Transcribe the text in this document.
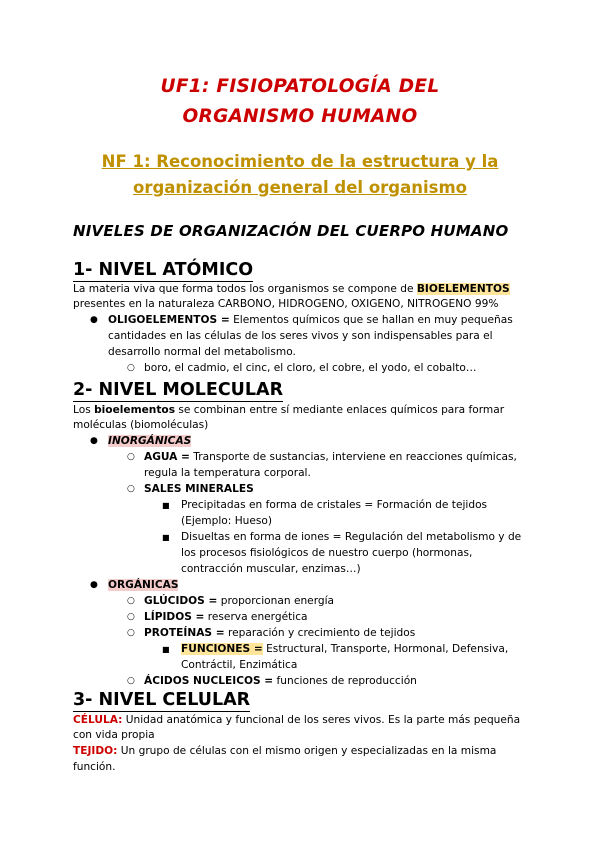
UF1: FISIOPATOLOGÍA DEL
ORGANISMO HUMANO
NF 1: Reconocimiento de la estructura y la
organización general del organismo
NIVELES DE ORGANIZACIÓN DEL CUERPO HUMANO
1- NIVEL ATÓMICO
La materia viva que forma todos los organismos se compone de BIOELEMENTOS
presentes en la naturaleza CARBONO, HIDROGENO, OXIGENO, NITROGENO 99%
● OLIGOELEMENTOS = Elementos químicos que se hallan en muy pequeñas
cantidades en las células de los seres vivos y son indispensables para el
desarrollo normal del metabolismo.
○ boro, el cadmio, el cinc, el cloro, el cobre, el yodo, el cobalto…
2- NIVEL MOLECULAR
Los bioelementos se combinan entre sí mediante enlaces químicos para formar
moléculas (biomoléculas)
● INORGÁNICAS
○ AGUA = Transporte de sustancias, interviene en reacciones químicas,
regula la temperatura corporal.
○ SALES MINERALES
■ Precipitadas en forma de cristales = Formación de tejidos
(Ejemplo: Hueso)
■ Disueltas en forma de iones = Regulación del metabolismo y de
los procesos fisiológicos de nuestro cuerpo (hormonas,
contracción muscular, enzimas…)
● ORGÁNICAS
○ GLÚCIDOS = proporcionan energía
○ LÍPIDOS = reserva energética
○ PROTEÍNAS = reparación y crecimiento de tejidos
■ FUNCIONES = Estructural, Transporte, Hormonal, Defensiva,
Contráctil, Enzimática
○ ÁCIDOS NUCLEICOS = funciones de reproducción
3- NIVEL CELULAR
CÉLULA: Unidad anatómica y funcional de los seres vivos. Es la parte más pequeña
con vida propia
TEJIDO: Un grupo de células con el mismo origen y especializadas en la misma
función.
